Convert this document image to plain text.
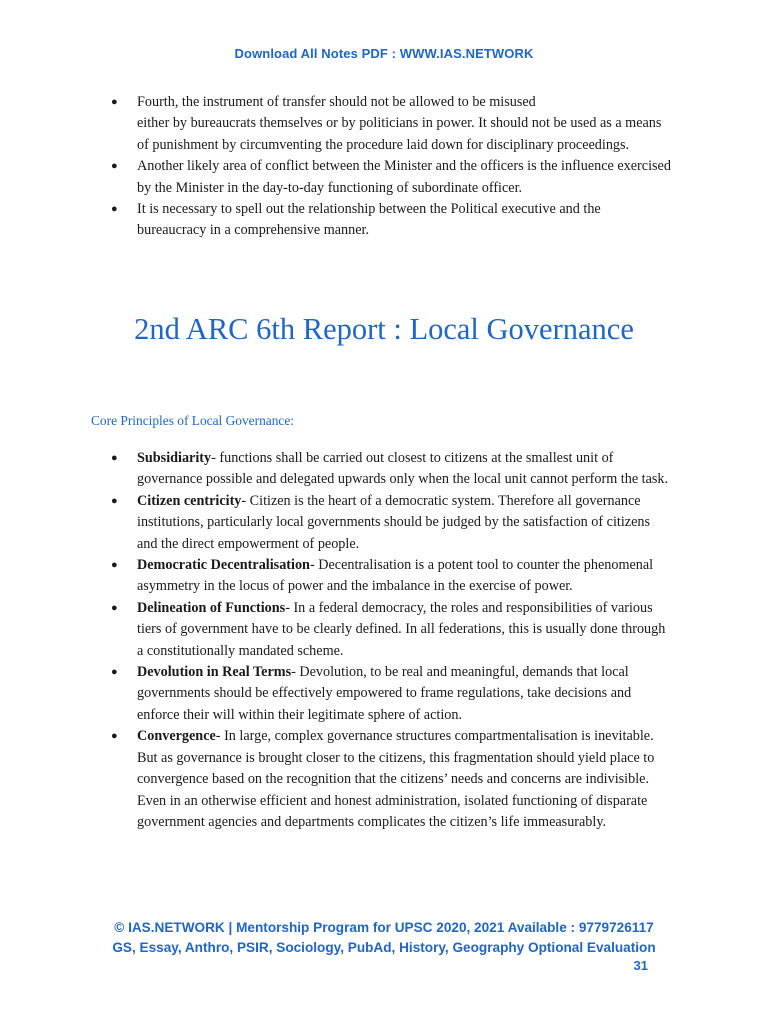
Download All Notes PDF : WWW.IAS.NETWORK
● Fourth, the instrument of transfer should not be allowed to be misused
either by bureaucrats themselves or by politicians in power. It should not be used as a means of punishment by circumventing the procedure laid down for disciplinary proceedings.
● Another likely area of conflict between the Minister and the officers is the influence exercised by the Minister in the day-to-day functioning of subordinate officer.
● It is necessary to spell out the relationship between the Political executive and the bureaucracy in a comprehensive manner.
2nd ARC 6th Report : Local Governance
Core Principles of Local Governance:
● Subsidiarity- functions shall be carried out closest to citizens at the smallest unit of governance possible and delegated upwards only when the local unit cannot perform the task.
● Citizen centricity- Citizen is the heart of a democratic system. Therefore all governance institutions, particularly local governments should be judged by the satisfaction of citizens and the direct empowerment of people.
● Democratic Decentralisation- Decentralisation is a potent tool to counter the phenomenal asymmetry in the locus of power and the imbalance in the exercise of power.
● Delineation of Functions- In a federal democracy, the roles and responsibilities of various tiers of government have to be clearly defined. In all federations, this is usually done through a constitutionally mandated scheme.
● Devolution in Real Terms- Devolution, to be real and meaningful, demands that local governments should be effectively empowered to frame regulations, take decisions and enforce their will within their legitimate sphere of action.
● Convergence- In large, complex governance structures compartmentalisation is inevitable. But as governance is brought closer to the citizens, this fragmentation should yield place to convergence based on the recognition that the citizens’ needs and concerns are indivisible. Even in an otherwise efficient and honest administration, isolated functioning of disparate government agencies and departments complicates the citizen’s life immeasurably.
© IAS.NETWORK | Mentorship Program for UPSC 2020, 2021 Available : 9779726117
GS, Essay, Anthro, PSIR, Sociology, PubAd, History, Geography Optional Evaluation
31
